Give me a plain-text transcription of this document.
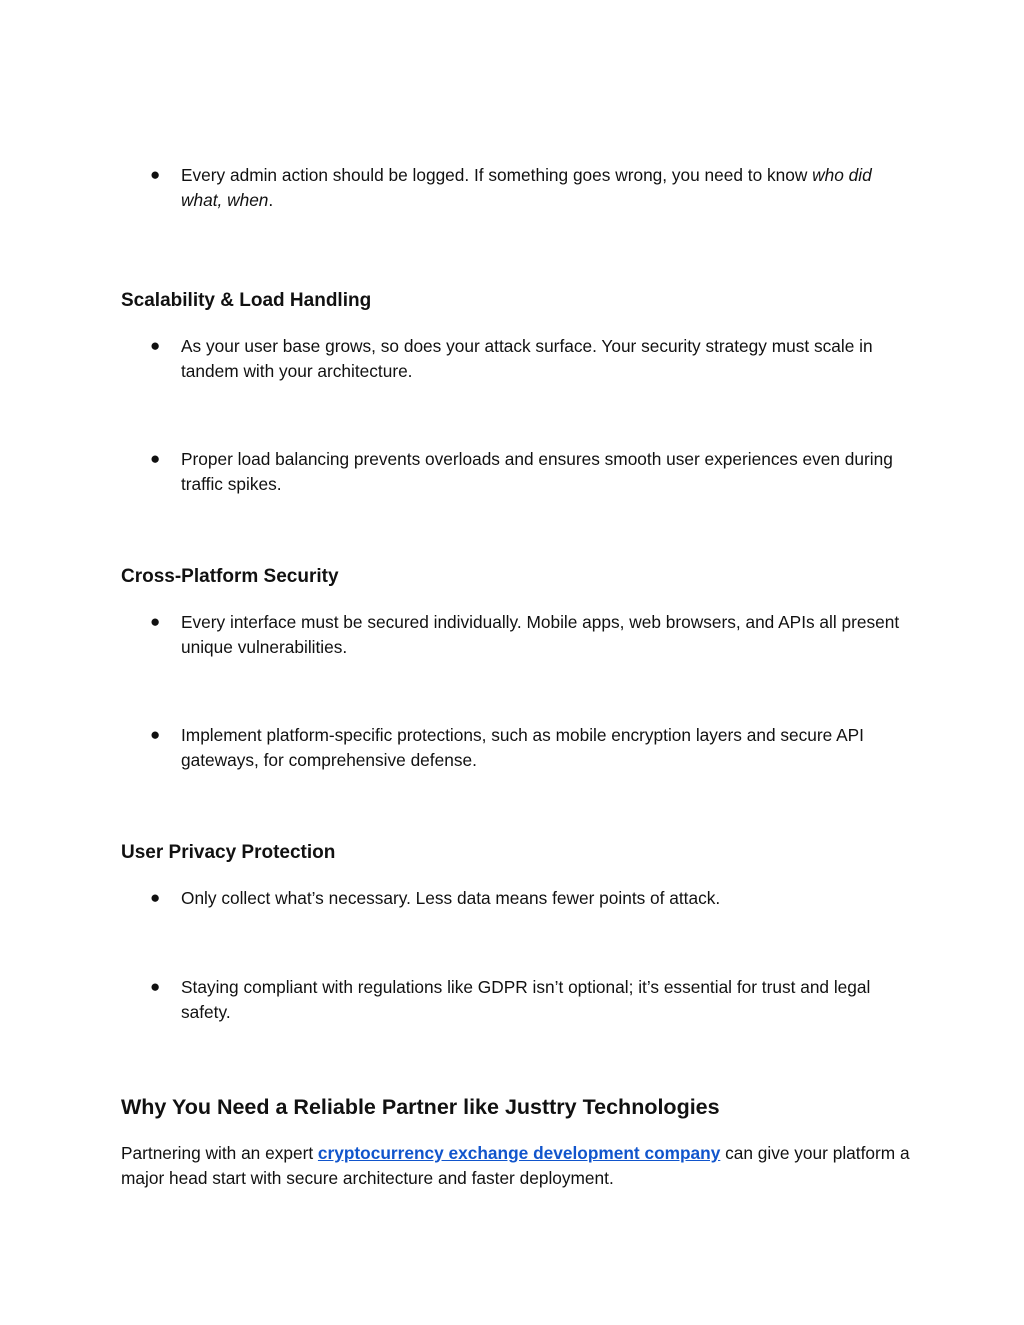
● Every admin action should be logged. If something goes wrong, you need to know who did what, when.
Scalability & Load Handling
● As your user base grows, so does your attack surface. Your security strategy must scale in tandem with your architecture.
● Proper load balancing prevents overloads and ensures smooth user experiences even during traffic spikes.
Cross-Platform Security
● Every interface must be secured individually. Mobile apps, web browsers, and APIs all present unique vulnerabilities.
● Implement platform-specific protections, such as mobile encryption layers and secure API gateways, for comprehensive defense.
User Privacy Protection
● Only collect what’s necessary. Less data means fewer points of attack.
● Staying compliant with regulations like GDPR isn’t optional; it’s essential for trust and legal safety.
Why You Need a Reliable Partner like Justtry Technologies
Partnering with an expert cryptocurrency exchange development company can give your platform a major head start with secure architecture and faster deployment.
